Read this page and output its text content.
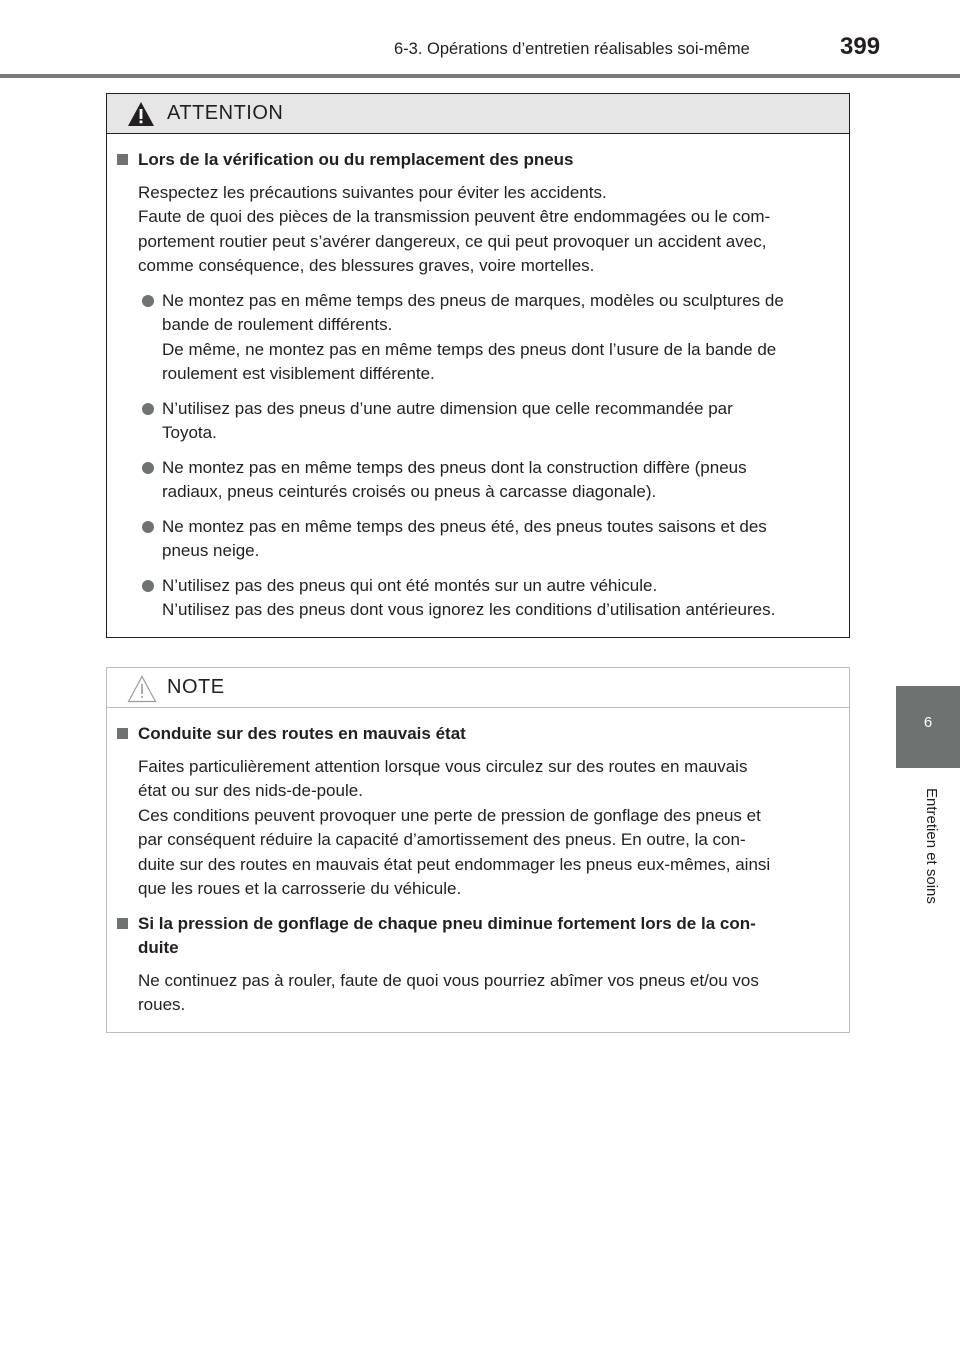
6-3. Opérations d’entretien réalisables soi-même	399
6
Entretien et soins
ATTENTION
Lors de la vérification ou du remplacement des pneus
Respectez les précautions suivantes pour éviter les accidents.
Faute de quoi des pièces de la transmission peuvent être endommagées ou le com-
portement routier peut s’avérer dangereux, ce qui peut provoquer un accident avec,
comme conséquence, des blessures graves, voire mortelles.
Ne montez pas en même temps des pneus de marques, modèles ou sculptures de
bande de roulement différents.
De même, ne montez pas en même temps des pneus dont l’usure de la bande de
roulement est visiblement différente.
N’utilisez pas des pneus d’une autre dimension que celle recommandée par
Toyota.
Ne montez pas en même temps des pneus dont la construction diffère (pneus
radiaux, pneus ceinturés croisés ou pneus à carcasse diagonale).
Ne montez pas en même temps des pneus été, des pneus toutes saisons et des
pneus neige.
N’utilisez pas des pneus qui ont été montés sur un autre véhicule.
N’utilisez pas des pneus dont vous ignorez les conditions d’utilisation antérieures.
NOTE
Conduite sur des routes en mauvais état
Faites particulièrement attention lorsque vous circulez sur des routes en mauvais
état ou sur des nids-de-poule.
Ces conditions peuvent provoquer une perte de pression de gonflage des pneus et
par conséquent réduire la capacité d’amortissement des pneus. En outre, la con-
duite sur des routes en mauvais état peut endommager les pneus eux-mêmes, ainsi
que les roues et la carrosserie du véhicule.
Si la pression de gonflage de chaque pneu diminue fortement lors de la con-
duite
Ne continuez pas à rouler, faute de quoi vous pourriez abîmer vos pneus et/ou vos
roues.
